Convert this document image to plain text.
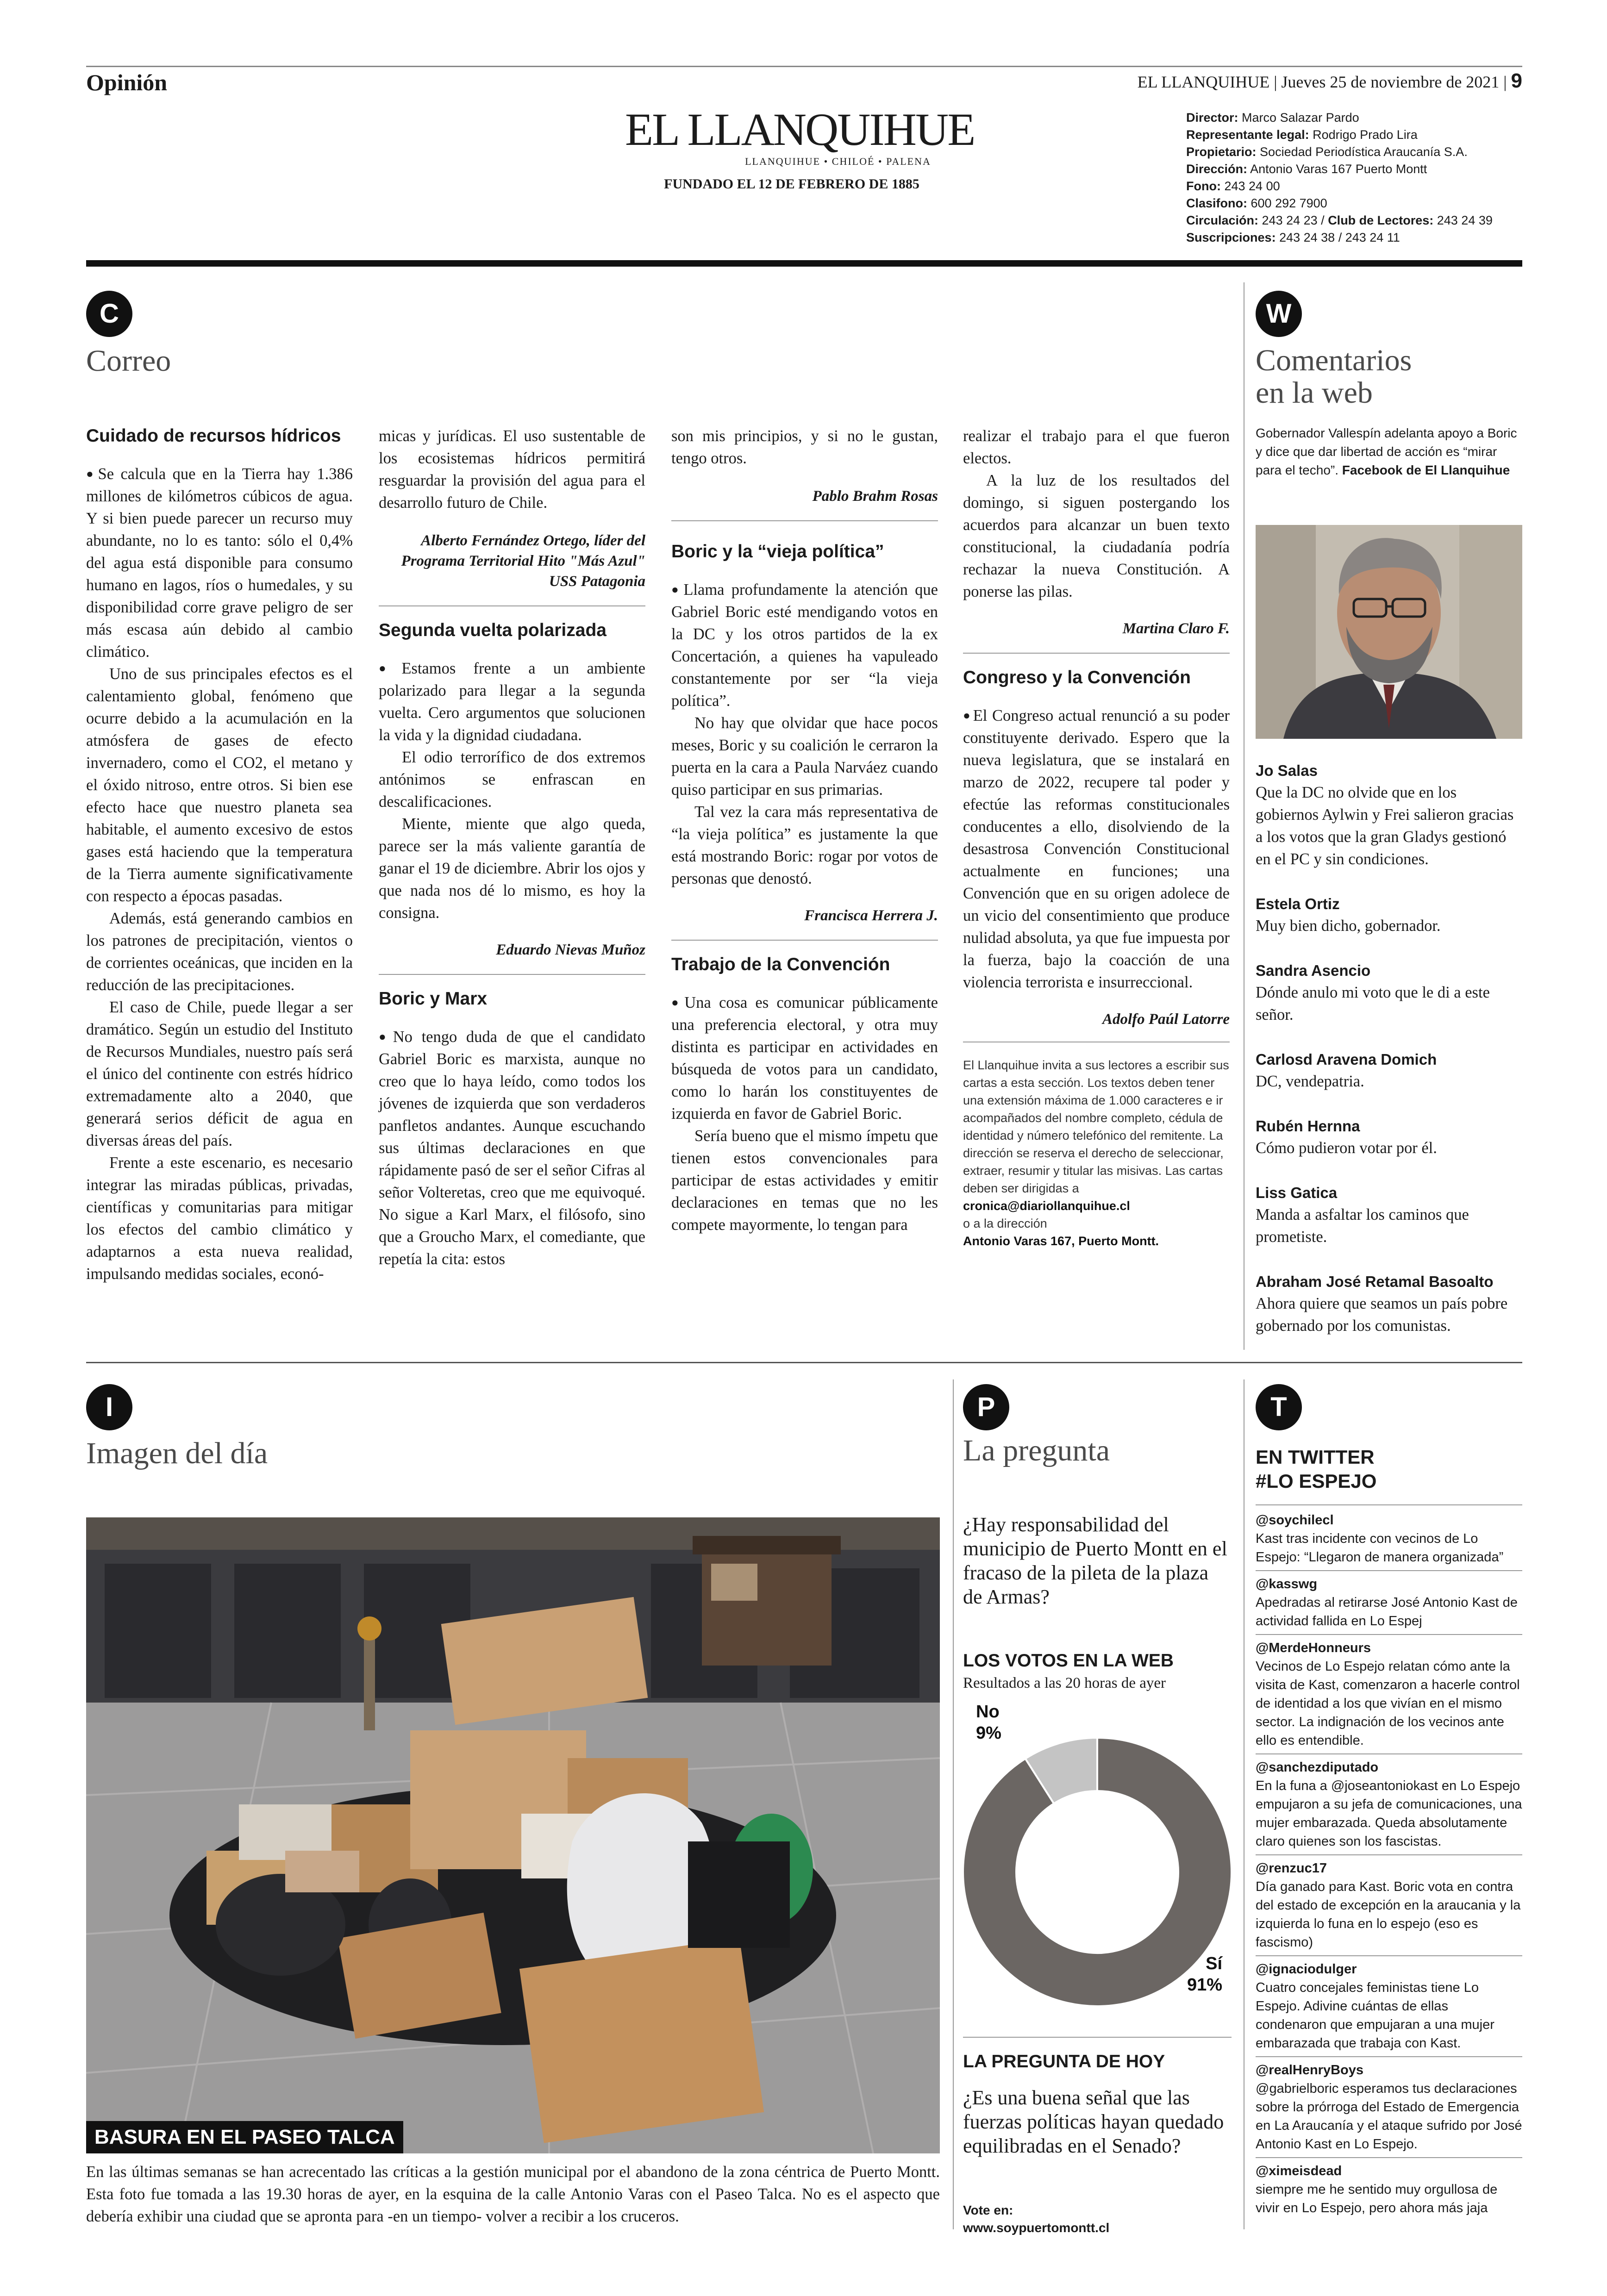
Opinión	EL LLANQUIHUE | Jueves 25 de noviembre de 2021 | 9
EL LLANQUIHUE
LLANQUIHUE • CHILOÉ • PALENA
FUNDADO EL 12 DE FEBRERO DE 1885
Director: Marco Salazar Pardo
Representante legal: Rodrigo Prado Lira
Propietario: Sociedad Periodística Araucanía S.A.
Dirección: Antonio Varas 167 Puerto Montt
Fono: 243 24 00
Clasifono: 600 292 7900
Circulación: 243 24 23 / Club de Lectores: 243 24 39
Suscripciones: 243 24 38 / 243 24 11
C
Correo
Cuidado de recursos hídricos

● Se calcula que en la Tierra hay 1.386 millones de kilómetros cúbicos de agua. Y si bien puede parecer un recurso muy abundante, no lo es tanto: sólo el 0,4% del agua está disponible para consumo humano en lagos, ríos o humedales, y su disponibilidad corre grave peligro de ser más escasa aún debido al cambio climático.

Uno de sus principales efectos es el calentamiento global, fenómeno que ocurre debido a la acumulación en la atmósfera de gases de efecto invernadero, como el CO2, el metano y el óxido nitroso, entre otros. Si bien ese efecto hace que nuestro planeta sea habitable, el aumento excesivo de estos gases está haciendo que la temperatura de la Tierra aumente significativamente con respecto a épocas pasadas.

Además, está generando cambios en los patrones de precipitación, vientos o de corrientes oceánicas, que inciden en la reducción de las precipitaciones.

El caso de Chile, puede llegar a ser dramático. Según un estudio del Instituto de Recursos Mundiales, nuestro país será el único del continente con estrés hídrico extremadamente alto a 2040, que generará serios déficit de agua en diversas áreas del país.

Frente a este escenario, es necesario integrar las miradas públicas, privadas, científicas y comunitarias para mitigar los efectos del cambio climático y adaptarnos a esta nueva realidad, impulsando medidas sociales, econó-

micas y jurídicas. El uso sustentable de los ecosistemas hídricos permitirá resguardar la provisión del agua para el desarrollo futuro de Chile.

Alberto Fernández Ortego, líder del Programa Territorial Hito "Más Azul" USS Patagonia
Segunda vuelta polarizada

● Estamos frente a un ambiente polarizado para llegar a la segunda vuelta. Cero argumentos que solucionen la vida y la dignidad ciudadana.

El odio terrorífico de dos extremos antónimos se enfrascan en descalificaciones.

Miente, miente que algo queda, parece ser la más valiente garantía de ganar el 19 de diciembre. Abrir los ojos y que nada nos dé lo mismo, es hoy la consigna.

Eduardo Nievas Muñoz
Boric y Marx

● No tengo duda de que el candidato Gabriel Boric es marxista, aunque no creo que lo haya leído, como todos los jóvenes de izquierda que son verdaderos panfletos andantes. Aunque escuchando sus últimas declaraciones en que rápidamente pasó de ser el señor Cifras al señor Volteretas, creo que me equivoqué. No sigue a Karl Marx, el filósofo, sino que a Groucho Marx, el comediante, que repetía la cita: estos

son mis principios, y si no le gustan, tengo otros.

Pablo Brahm Rosas
Boric y la “vieja política”

● Llama profundamente la atención que Gabriel Boric esté mendigando votos en la DC y los otros partidos de la ex Concertación, a quienes ha vapuleado constantemente por ser “la vieja política”.

No hay que olvidar que hace pocos meses, Boric y su coalición le cerraron la puerta en la cara a Paula Narváez cuando quiso participar en sus primarias.

Tal vez la cara más representativa de “la vieja política” es justamente la que está mostrando Boric: rogar por votos de personas que denostó.

Francisca Herrera J.
Trabajo de la Convención

● Una cosa es comunicar públicamente una preferencia electoral, y otra muy distinta es participar en actividades en búsqueda de votos para un candidato, como lo harán los constituyentes de izquierda en favor de Gabriel Boric.

Sería bueno que el mismo ímpetu que tienen estos convencionales para participar de estas actividades y emitir declaraciones en temas que no les compete mayormente, lo tengan para

realizar el trabajo para el que fueron electos.

A la luz de los resultados del domingo, si siguen postergando los acuerdos para alcanzar un buen texto constitucional, la ciudadanía podría rechazar la nueva Constitución. A ponerse las pilas.

Martina Claro F.
Congreso y la Convención

● El Congreso actual renunció a su poder constituyente derivado. Espero que la nueva legislatura, que se instalará en marzo de 2022, recupere tal poder y efectúe las reformas constitucionales conducentes a ello, disolviendo de la desastrosa Convención Constitucional actualmente en funciones; una Convención que en su origen adolece de un vicio del consentimiento que produce nulidad absoluta, ya que fue impuesta por la fuerza, bajo la coacción de una violencia terrorista e insurreccional.

Adolfo Paúl Latorre
El Llanquihue invita a sus lectores a escribir sus cartas a esta sección. Los textos deben tener una extensión máxima de 1.000 caracteres e ir acompañados del nombre completo, cédula de identidad y número telefónico del remitente. La dirección se reserva el derecho de seleccionar, extraer, resumir y titular las misivas. Las cartas deben ser dirigidas a
cronica@diariollanquihue.cl
o a la dirección
Antonio Varas 167, Puerto Montt.
W
Comentarios
en la web
Gobernador Vallespín adelanta apoyo a Boric y dice que dar libertad de acción es “mirar para el techo”. Facebook de El Llanquihue
Jo Salas
Que la DC no olvide que en los gobiernos Aylwin y Frei salieron gracias a los votos que la gran Gladys gestionó en el PC y sin condiciones.
Estela Ortiz
Muy bien dicho, gobernador.
Sandra Asencio
Dónde anulo mi voto que le di a este señor.
Carlosd Aravena Domich
DC, vendepatria.
Rubén Hernna
Cómo pudieron votar por él.
Liss Gatica
Manda a asfaltar los caminos que prometiste.
Abraham José Retamal Basoalto
Ahora quiere que seamos un país pobre gobernado por los comunistas.
I
Imagen del día
BASURA EN EL PASEO TALCA
En las últimas semanas se han acrecentado las críticas a la gestión municipal por el abandono de la zona céntrica de Puerto Montt. Esta foto fue tomada a las 19.30 horas de ayer, en la esquina de la calle Antonio Varas con el Paseo Talca. No es el aspecto que debería exhibir una ciudad que se apronta para -en un tiempo- volver a recibir a los cruceros.
P
La pregunta
¿Hay responsabilidad del municipio de Puerto Montt en el fracaso de la pileta de la plaza de Armas?
LOS VOTOS EN LA WEB
Resultados a las 20 horas de ayer
No 9%
Sí 91%
LA PREGUNTA DE HOY
¿Es una buena señal que las fuerzas políticas hayan quedado equilibradas en el Senado?
Vote en:
www.soypuertomontt.cl
T
EN TWITTER
#LO ESPEJO
@soychilecl
Kast tras incidente con vecinos de Lo Espejo: “Llegaron de manera organizada”
@kasswg
Apedradas al retirarse José Antonio Kast de actividad fallida en Lo Espej
@MerdeHonneurs
Vecinos de Lo Espejo relatan cómo ante la visita de Kast, comenzaron a hacerle control de identidad a los que vivían en el mismo sector. La indignación de los vecinos ante ello es entendible.
@sanchezdiputado
En la funa a @joseantoniokast en Lo Espejo empujaron a su jefa de comunicaciones, una mujer embarazada. Queda absolutamente claro quienes son los fascistas.
@renzuc17
Día ganado para Kast. Boric vota en contra del estado de excepción en la araucania y la izquierda lo funa en lo espejo (eso es fascismo)
@ignaciodulger
Cuatro concejales feministas tiene Lo Espejo. Adivine cuántas de ellas condenaron que empujaran a una mujer embarazada que trabaja con Kast.
@realHenryBoys
@gabrielboric esperamos tus declaraciones sobre la prórroga del Estado de Emergencia en La Araucanía y el ataque sufrido por José Antonio Kast en Lo Espejo.
@ximeisdead
siempre me he sentido muy orgullosa de vivir en Lo Espejo, pero ahora más jaja
